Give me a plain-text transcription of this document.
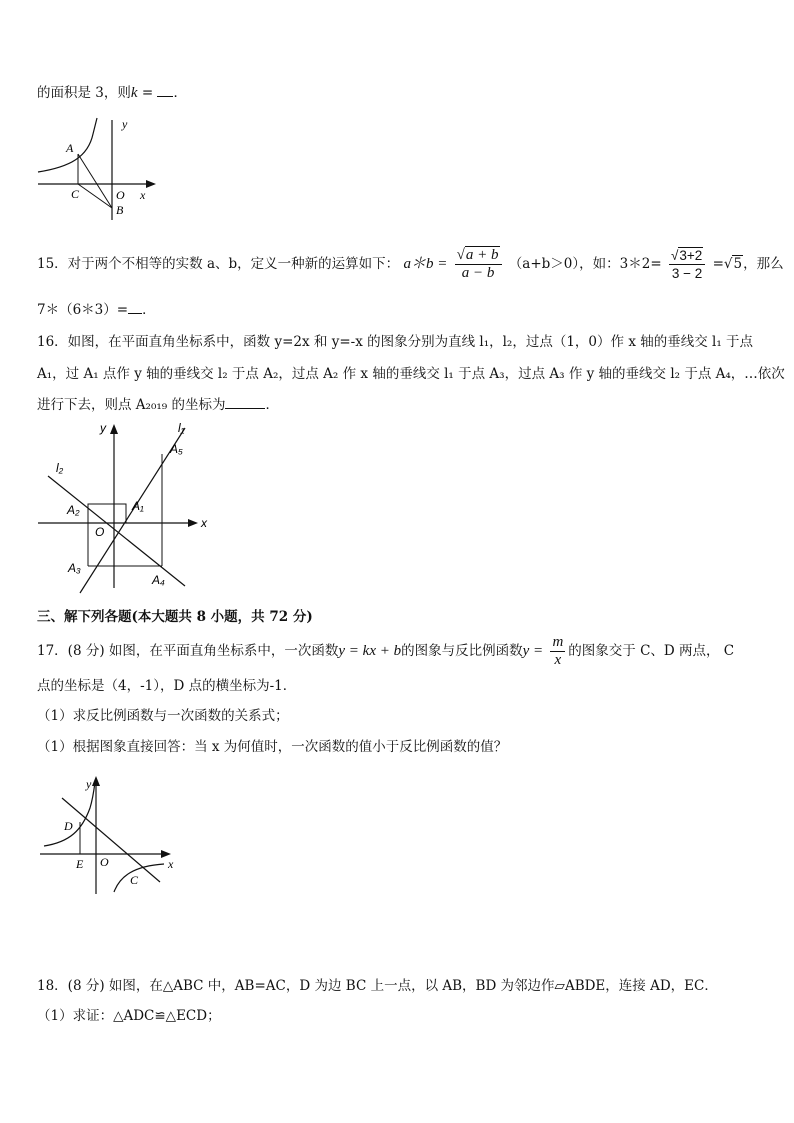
的面积是 3，则k = ．
y
A
C	O x
B
15．对于两个不相等的实数 a、b，定义一种新的运算如下： a＊b = $\frac{√a + b}{a - b} (a+b>0)$，如：3＊2= $\frac{√3+2}{3 - 2} =√5$，那么
7＊（6＊3）= ．
16．如图，在平面直角坐标系中，函数 y=2x 和 y=-x 的图象分别为直线 l₁，l₂，过点（1，0）作 x 轴的垂线交 l₁ 于点
A₁，过 A₁ 点作 y 轴的垂线交 l₂ 于点 A₂，过点 A₂ 作 x 轴的垂线交 l₁ 于点 A₃，过点 A₃ 作 y 轴的垂线交 l₂ 于点 A₄，…依次
进行下去，则点 A₂₀₁₉ 的坐标为	．
y	l₁
A₅
l₂
A₂	A₁
x
O
A₃
A₄
三、解下列各题(本大题共 8 小题，共 72 分)
17．(8 分) 如图，在平面直角坐标系中，一次函数y = kx + b的图象与反比例函数$y = \frac{m}{x}$ 的图象交于 C、D 两点， C
点的坐标是（4，-1），D 点的横坐标为-1．
（1）求反比例函数与一次函数的关系式；
（1）根据图象直接回答：当 x 为何值时，一次函数的值小于反比例函数的值？
y
D
E O	x
C
18．(8 分) 如图，在△ABC 中，AB=AC，D 为边 BC 上一点，以 AB，BD 为邻边作▱ABDE，连接 AD，EC．
（1）求证：△ADC≌△ECD；
